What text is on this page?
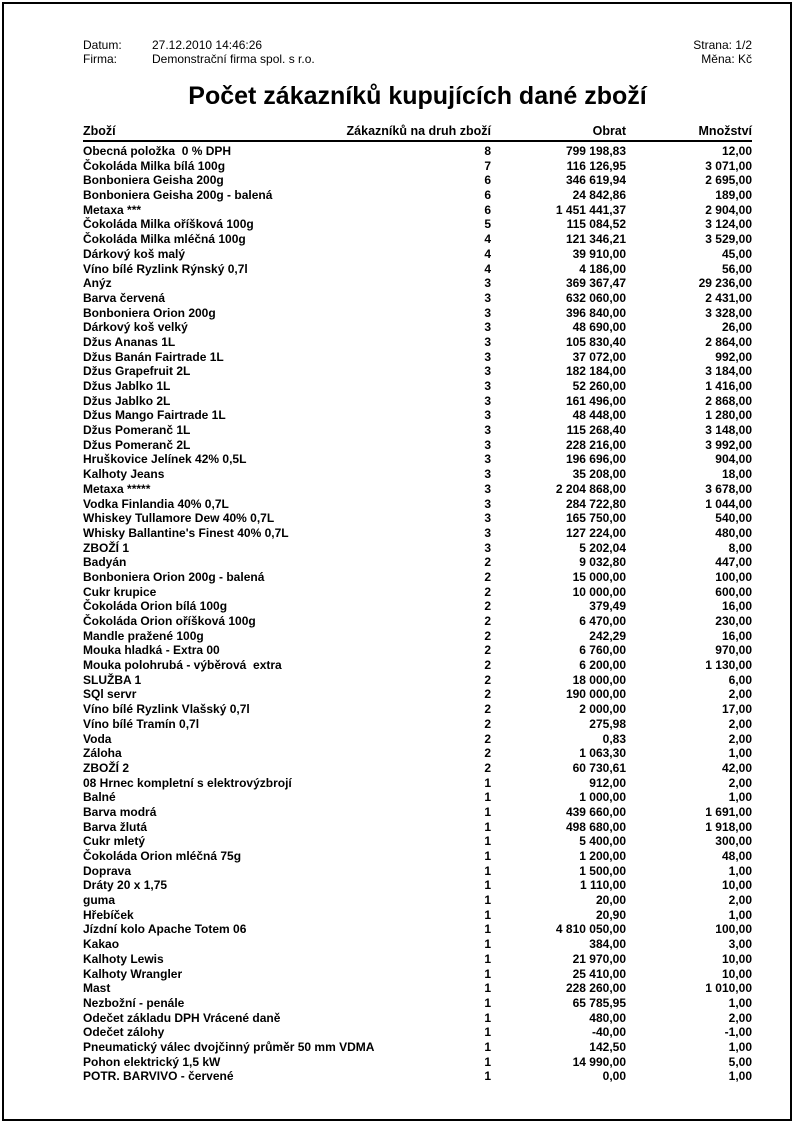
Datum:	27.12.2010 14:46:26
Firma:	Demonstrační firma spol. s r.o.
Strana: 1/2
Měna: Kč
Počet zákazníků kupujících dané zboží
Zboží	Zákazníků na druh zboží	Obrat	Množství
Obecná položka  0 % DPH	8	799 198,83	12,00
Čokoláda Milka bílá 100g	7	116 126,95	3 071,00
Bonboniera Geisha 200g	6	346 619,94	2 695,00
Bonboniera Geisha 200g - balená	6	24 842,86	189,00
Metaxa ***	6	1 451 441,37	2 904,00
Čokoláda Milka oříšková 100g	5	115 084,52	3 124,00
Čokoláda Milka mléčná 100g	4	121 346,21	3 529,00
Dárkový koš malý	4	39 910,00	45,00
Víno bílé Ryzlink Rýnský 0,7l	4	4 186,00	56,00
Anýz	3	369 367,47	29 236,00
Barva červená	3	632 060,00	2 431,00
Bonboniera Orion 200g	3	396 840,00	3 328,00
Dárkový koš velký	3	48 690,00	26,00
Džus Ananas 1L	3	105 830,40	2 864,00
Džus Banán Fairtrade 1L	3	37 072,00	992,00
Džus Grapefruit 2L	3	182 184,00	3 184,00
Džus Jablko 1L	3	52 260,00	1 416,00
Džus Jablko 2L	3	161 496,00	2 868,00
Džus Mango Fairtrade 1L	3	48 448,00	1 280,00
Džus Pomeranč 1L	3	115 268,40	3 148,00
Džus Pomeranč 2L	3	228 216,00	3 992,00
Hruškovice Jelínek 42% 0,5L	3	196 696,00	904,00
Kalhoty Jeans	3	35 208,00	18,00
Metaxa *****	3	2 204 868,00	3 678,00
Vodka Finlandia 40% 0,7L	3	284 722,80	1 044,00
Whiskey Tullamore Dew 40% 0,7L	3	165 750,00	540,00
Whisky Ballantine's Finest 40% 0,7L	3	127 224,00	480,00
ZBOŽÍ 1	3	5 202,04	8,00
Badyán	2	9 032,80	447,00
Bonboniera Orion 200g - balená	2	15 000,00	100,00
Cukr krupice	2	10 000,00	600,00
Čokoláda Orion bílá 100g	2	379,49	16,00
Čokoláda Orion oříšková 100g	2	6 470,00	230,00
Mandle pražené 100g	2	242,29	16,00
Mouka hladká - Extra 00	2	6 760,00	970,00
Mouka polohrubá - výběrová  extra	2	6 200,00	1 130,00
SLUŽBA 1	2	18 000,00	6,00
SQl servr	2	190 000,00	2,00
Víno bílé Ryzlink Vlašský 0,7l	2	2 000,00	17,00
Víno bílé Tramín 0,7l	2	275,98	2,00
Voda	2	0,83	2,00
Záloha	2	1 063,30	1,00
ZBOŽÍ 2	2	60 730,61	42,00
08 Hrnec kompletní s elektrovýzbrojí	1	912,00	2,00
Balné	1	1 000,00	1,00
Barva modrá	1	439 660,00	1 691,00
Barva žlutá	1	498 680,00	1 918,00
Cukr mletý	1	5 400,00	300,00
Čokoláda Orion mléčná 75g	1	1 200,00	48,00
Doprava	1	1 500,00	1,00
Dráty 20 x 1,75	1	1 110,00	10,00
guma	1	20,00	2,00
Hřebíček	1	20,90	1,00
Jízdní kolo Apache Totem 06	1	4 810 050,00	100,00
Kakao	1	384,00	3,00
Kalhoty Lewis	1	21 970,00	10,00
Kalhoty Wrangler	1	25 410,00	10,00
Mast	1	228 260,00	1 010,00
Nezbožní - penále	1	65 785,95	1,00
Odečet základu DPH Vrácené daně	1	480,00	2,00
Odečet zálohy	1	-40,00	-1,00
Pneumatický válec dvojčinný průměr 50 mm VDMA	1	142,50	1,00
Pohon elektrický 1,5 kW	1	14 990,00	5,00
POTR. BARVIVO - červené	1	0,00	1,00
